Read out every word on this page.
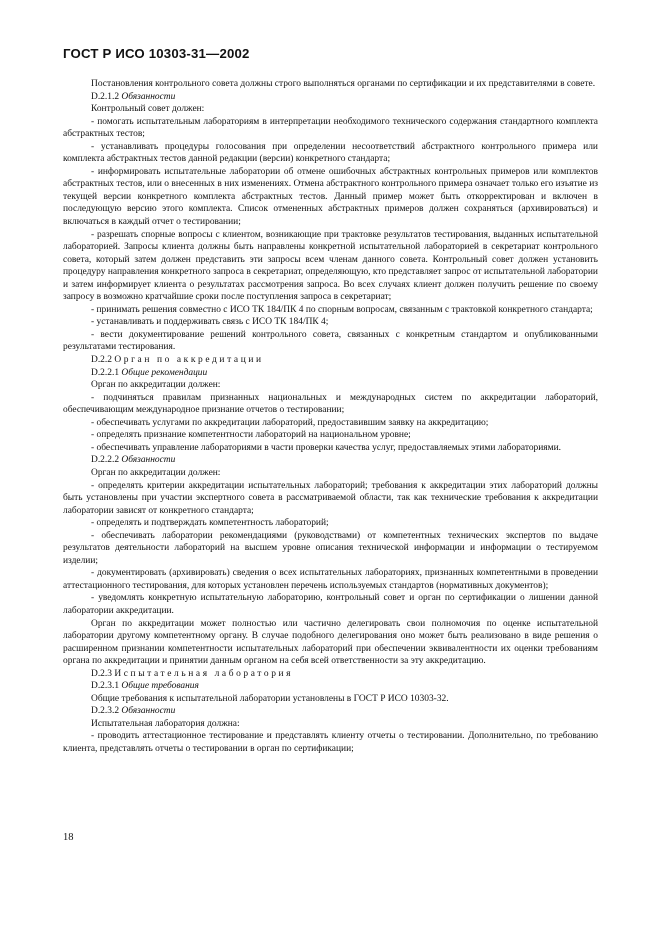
ГОСТ Р ИСО 10303-31—2002

Постановления контрольного совета должны строго выполняться органами по сертификации и их представителями в совете.

D.2.1.2 Обязанности

Контрольный совет должен:

- помогать испытательным лабораториям в интерпретации необходимого технического содержания стандартного комплекта абстрактных тестов;

- устанавливать процедуры голосования при определении несоответствий абстрактного контрольного примера или комплекта абстрактных тестов данной редакции (версии) конкретного стандарта;

- информировать испытательные лаборатории об отмене ошибочных абстрактных контрольных примеров или комплектов абстрактных тестов, или о внесенных в них изменениях. Отмена абстрактного контрольного примера означает только его изъятие из текущей версии конкретного комплекта абстрактных тестов. Данный пример может быть откорректирован и включен в последующую версию этого комплекта. Список отмененных абстрактных примеров должен сохраняться (архивироваться) и включаться в каждый отчет о тестировании;

- разрешать спорные вопросы с клиентом, возникающие при трактовке результатов тестирования, выданных испытательной лабораторией. Запросы клиента должны быть направлены конкретной испытательной лабораторией в секретариат контрольного совета, который затем должен представить эти запросы всем членам данного совета. Контрольный совет должен установить процедуру направления конкретного запроса в секретариат, определяющую, кто представляет запрос от испытательной лаборатории и затем информирует клиента о результатах рассмотрения запроса. Во всех случаях клиент должен получить решение по своему запросу в возможно кратчайшие сроки после поступления запроса в секретариат;

- принимать решения совместно с ИСО ТК 184/ПК 4 по спорным вопросам, связанным с трактовкой конкретного стандарта;

- устанавливать и поддерживать связь с ИСО ТК 184/ПК 4;

- вести документирование решений контрольного совета, связанных с конкретным стандартом и опубликованными результатами тестирования.

D.2.2 Орган по аккредитации

D.2.2.1 Общие рекомендации

Орган по аккредитации должен:

- подчиняться правилам признанных национальных и международных систем по аккредитации лабораторий, обеспечивающим международное признание отчетов о тестировании;

- обеспечивать услугами по аккредитации лабораторий, предоставившим заявку на аккредитацию;

- определять признание компетентности лабораторий на национальном уровне;

- обеспечивать управление лабораториями в части проверки качества услуг, предоставляемых этими лабораториями.

D.2.2.2 Обязанности

Орган по аккредитации должен:

- определять критерии аккредитации испытательных лабораторий; требования к аккредитации этих лабораторий должны быть установлены при участии экспертного совета в рассматриваемой области, так как технические требования к аккредитации лаборатории зависят от конкретного стандарта;

- определять и подтверждать компетентность лабораторий;

- обеспечивать лаборатории рекомендациями (руководствами) от компетентных технических экспертов по выдаче результатов деятельности лабораторий на высшем уровне описания технической информации и информации о тестируемом изделии;

- документировать (архивировать) сведения о всех испытательных лабораториях, признанных компетентными в проведении аттестационного тестирования, для которых установлен перечень используемых стандартов (нормативных документов);

- уведомлять конкретную испытательную лабораторию, контрольный совет и орган по сертификации о лишении данной лаборатории аккредитации.

Орган по аккредитации может полностью или частично делегировать свои полномочия по оценке испытательной лаборатории другому компетентному органу. В случае подобного делегирования оно может быть реализовано в виде решения о расширенном признании компетентности испытательных лабораторий при обеспечении эквивалентности их оценки требованиям органа по аккредитации и принятии данным органом на себя всей ответственности за эту аккредитацию.

D.2.3 Испытательная лаборатория

D.2.3.1 Общие требования

Общие требования к испытательной лаборатории установлены в ГОСТ Р ИСО 10303-32.

D.2.3.2 Обязанности

Испытательная лаборатория должна:

- проводить аттестационное тестирование и представлять клиенту отчеты о тестировании. Дополнительно, по требованию клиента, представлять отчеты о тестировании в орган по сертификации;

18
